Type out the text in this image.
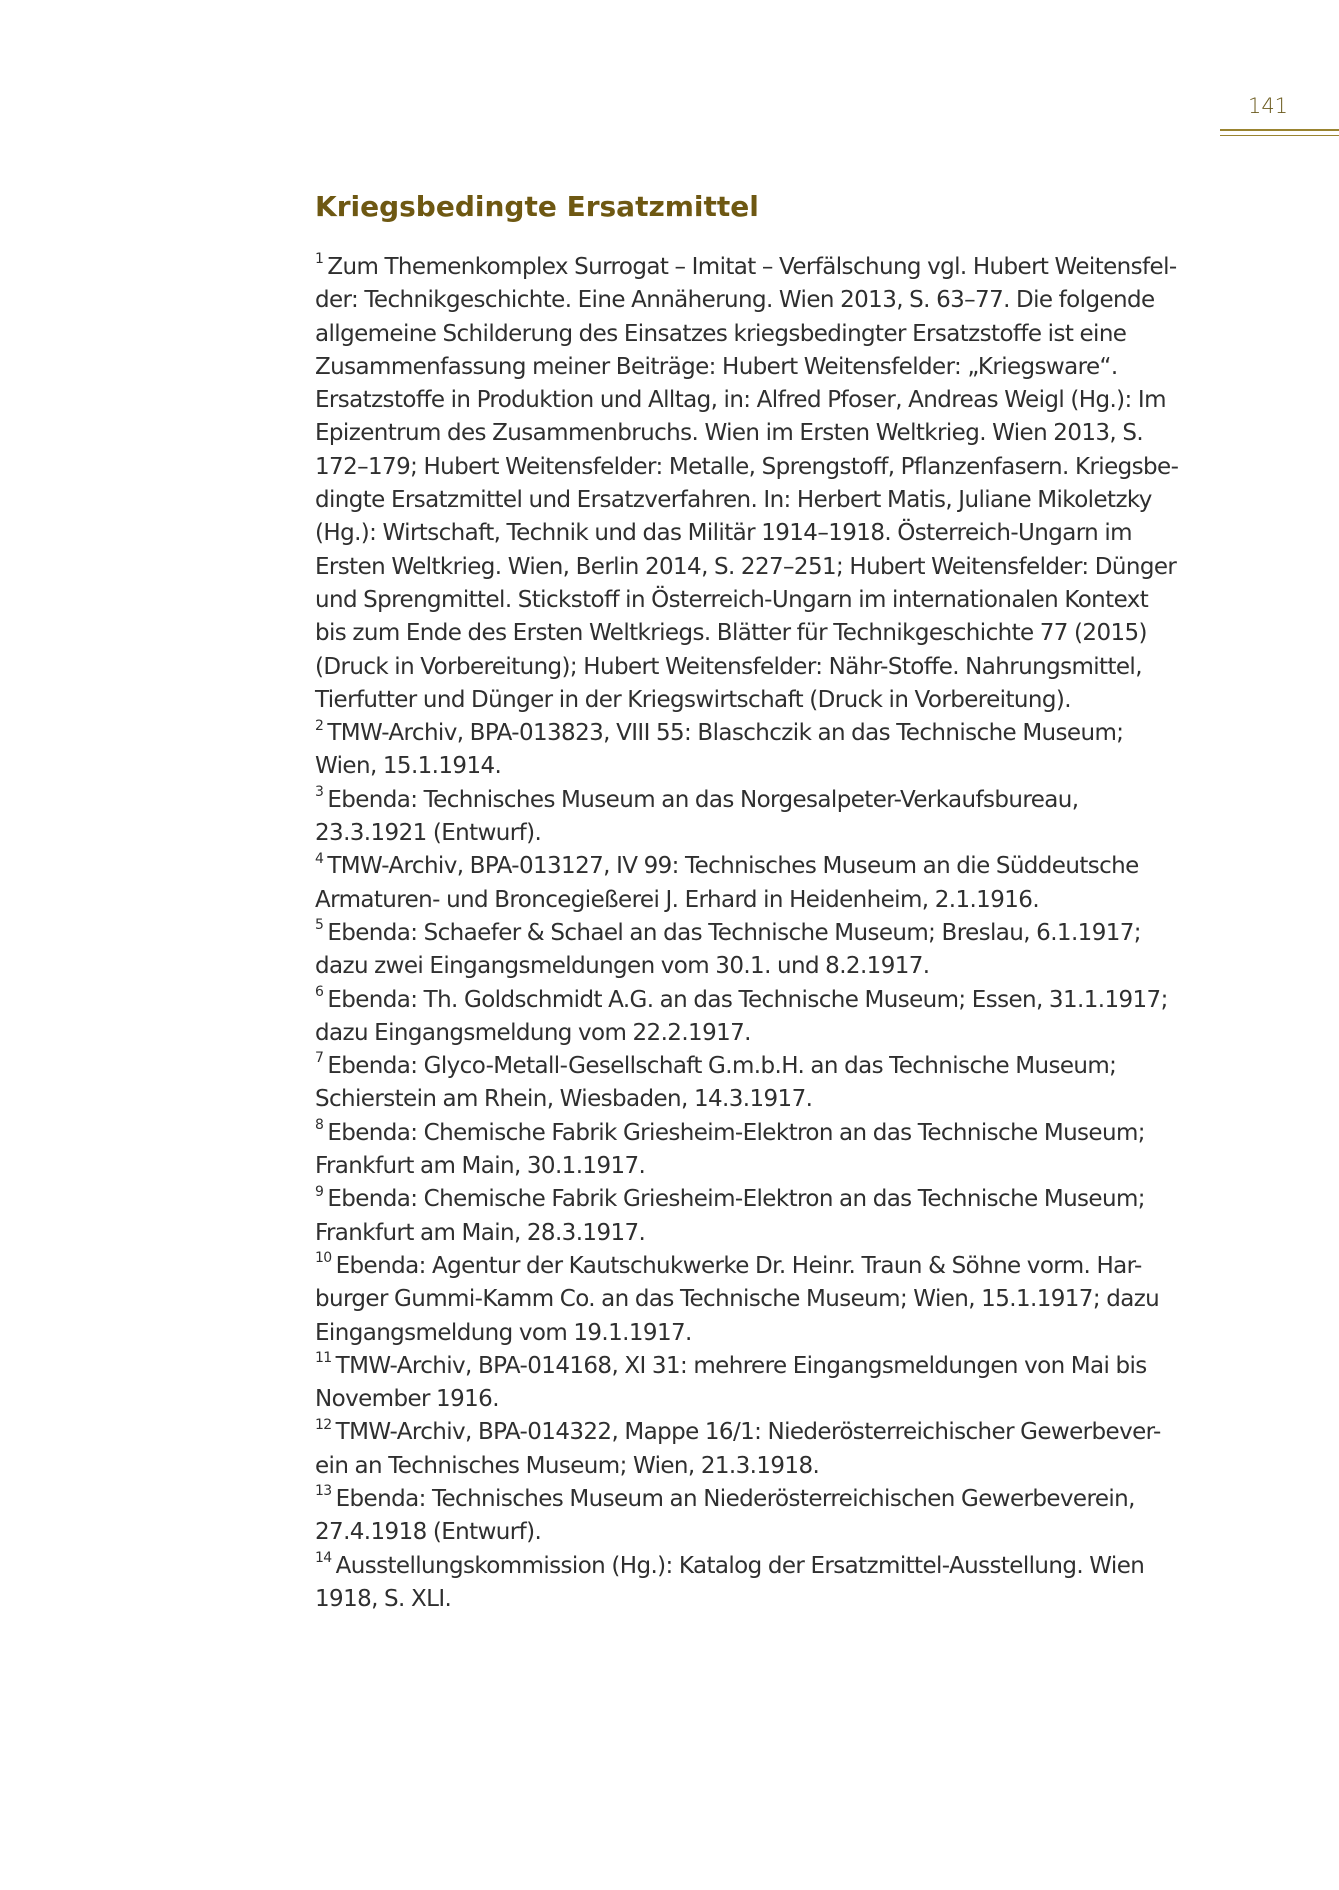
141
Kriegsbedingte Ersatzmittel
$^1$ Zum Themenkomplex Surrogat – Imitat – Verfälschung vgl. Hubert Weitensfel-
der: Technikgeschichte. Eine Annäherung. Wien 2013, S. 63–77. Die folgende
allgemeine Schilderung des Einsatzes kriegsbedingter Ersatzstoffe ist eine
Zusammenfassung meiner Beiträge: Hubert Weitensfelder: „Kriegsware“.
Ersatzstoffe in Produktion und Alltag, in: Alfred Pfoser, Andreas Weigl (Hg.): Im
Epizentrum des Zusammenbruchs. Wien im Ersten Weltkrieg. Wien 2013, S.
172–179; Hubert Weitensfelder: Metalle, Sprengstoff, Pflanzenfasern. Kriegsbe-
dingte Ersatzmittel und Ersatzverfahren. In: Herbert Matis, Juliane Mikoletzky
(Hg.): Wirtschaft, Technik und das Militär 1914–1918. Österreich-Ungarn im
Ersten Weltkrieg. Wien, Berlin 2014, S. 227–251; Hubert Weitensfelder: Dünger
und Sprengmittel. Stickstoff in Österreich-Ungarn im internationalen Kontext
bis zum Ende des Ersten Weltkriegs. Blätter für Technikgeschichte 77 (2015)
(Druck in Vorbereitung); Hubert Weitensfelder: Nähr-Stoffe. Nahrungsmittel,
Tierfutter und Dünger in der Kriegswirtschaft (Druck in Vorbereitung).
$^2$ TMW-Archiv, BPA-013823, VIII 55: Blaschczik an das Technische Museum;
Wien, 15.1.1914.
$^3$ Ebenda: Technisches Museum an das Norgesalpeter-Verkaufsbureau,
23.3.1921 (Entwurf).
$^4$ TMW-Archiv, BPA-013127, IV 99: Technisches Museum an die Süddeutsche
Armaturen- und Broncegießerei J. Erhard in Heidenheim, 2.1.1916.
$^5$ Ebenda: Schaefer & Schael an das Technische Museum; Breslau, 6.1.1917;
dazu zwei Eingangsmeldungen vom 30.1. und 8.2.1917.
$^6$ Ebenda: Th. Goldschmidt A.G. an das Technische Museum; Essen, 31.1.1917;
dazu Eingangsmeldung vom 22.2.1917.
$^7$ Ebenda: Glyco-Metall-Gesellschaft G.m.b.H. an das Technische Museum;
Schierstein am Rhein, Wiesbaden, 14.3.1917.
$^8$ Ebenda: Chemische Fabrik Griesheim-Elektron an das Technische Museum;
Frankfurt am Main, 30.1.1917.
$^9$ Ebenda: Chemische Fabrik Griesheim-Elektron an das Technische Museum;
Frankfurt am Main, 28.3.1917.
$^{10}$ Ebenda: Agentur der Kautschukwerke Dr. Heinr. Traun & Söhne vorm. Har-
burger Gummi-Kamm Co. an das Technische Museum; Wien, 15.1.1917; dazu
Eingangsmeldung vom 19.1.1917.
$^{11}$ TMW-Archiv, BPA-014168, XI 31: mehrere Eingangsmeldungen von Mai bis
November 1916.
$^{12}$ TMW-Archiv, BPA-014322, Mappe 16/1: Niederösterreichischer Gewerbever-
ein an Technisches Museum; Wien, 21.3.1918.
$^{13}$ Ebenda: Technisches Museum an Niederösterreichischen Gewerbeverein,
27.4.1918 (Entwurf).
$^{14}$ Ausstellungskommission (Hg.): Katalog der Ersatzmittel-Ausstellung. Wien
1918, S. XLI.
